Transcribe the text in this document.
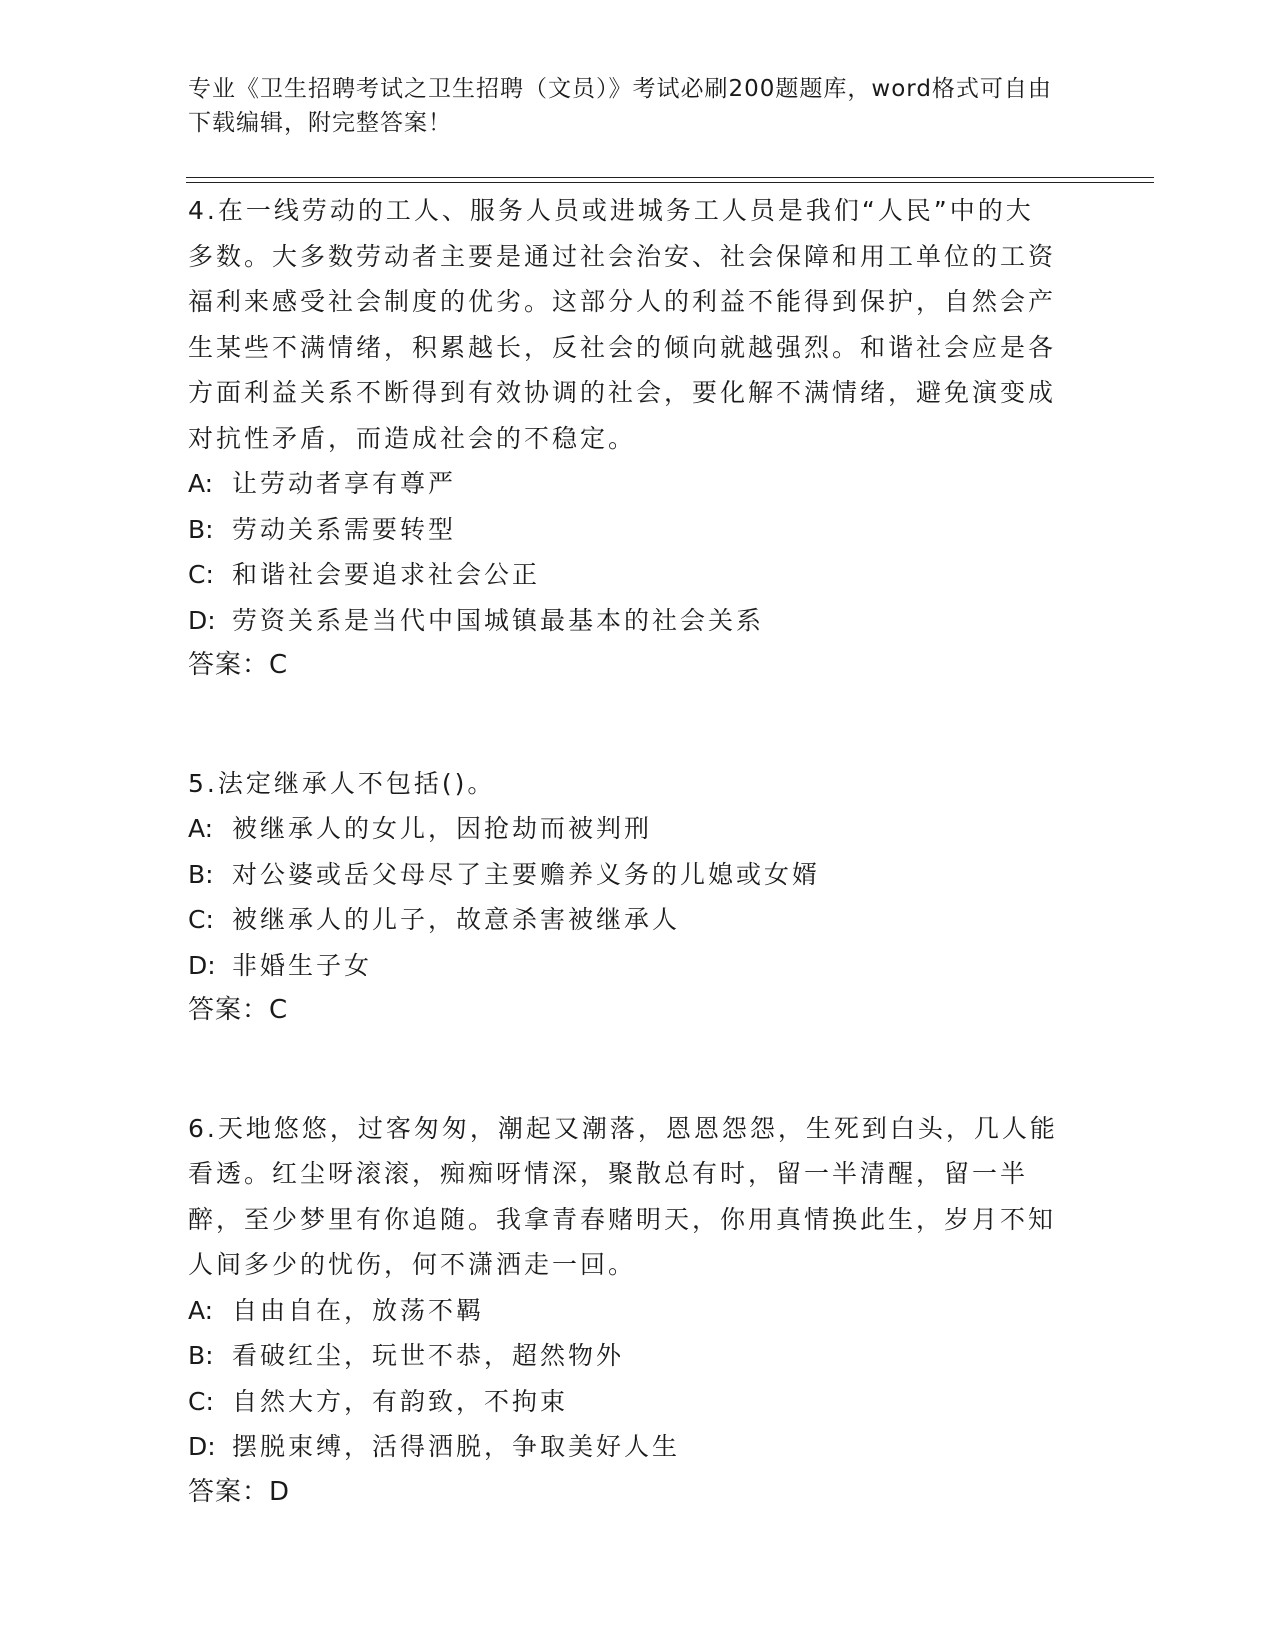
专业《卫生招聘考试之卫生招聘（文员）》考试必刷200题题库，word格式可自由下载编辑，附完整答案！

4.在一线劳动的工人、服务人员或进城务工人员是我们“人民”中的大多数。大多数劳动者主要是通过社会治安、社会保障和用工单位的工资福利来感受社会制度的优劣。这部分人的利益不能得到保护，自然会产生某些不满情绪，积累越长，反社会的倾向就越强烈。和谐社会应是各方面利益关系不断得到有效协调的社会，要化解不满情绪，避免演变成对抗性矛盾，而造成社会的不稳定。

A: 让劳动者享有尊严

B: 劳动关系需要转型

C: 和谐社会要追求社会公正

D: 劳资关系是当代中国城镇最基本的社会关系

答案：C

5.法定继承人不包括()。

A: 被继承人的女儿，因抢劫而被判刑

B: 对公婆或岳父母尽了主要赡养义务的儿媳或女婿

C: 被继承人的儿子，故意杀害被继承人

D: 非婚生子女

答案：C

6.天地悠悠，过客匆匆，潮起又潮落，恩恩怨怨，生死到白头，几人能看透。红尘呀滚滚，痴痴呀情深，聚散总有时，留一半清醒，留一半醉，至少梦里有你追随。我拿青春赌明天，你用真情换此生，岁月不知人间多少的忧伤，何不潇洒走一回。

A: 自由自在，放荡不羁

B: 看破红尘，玩世不恭，超然物外

C: 自然大方，有韵致，不拘束

D: 摆脱束缚，活得洒脱，争取美好人生

答案：D
